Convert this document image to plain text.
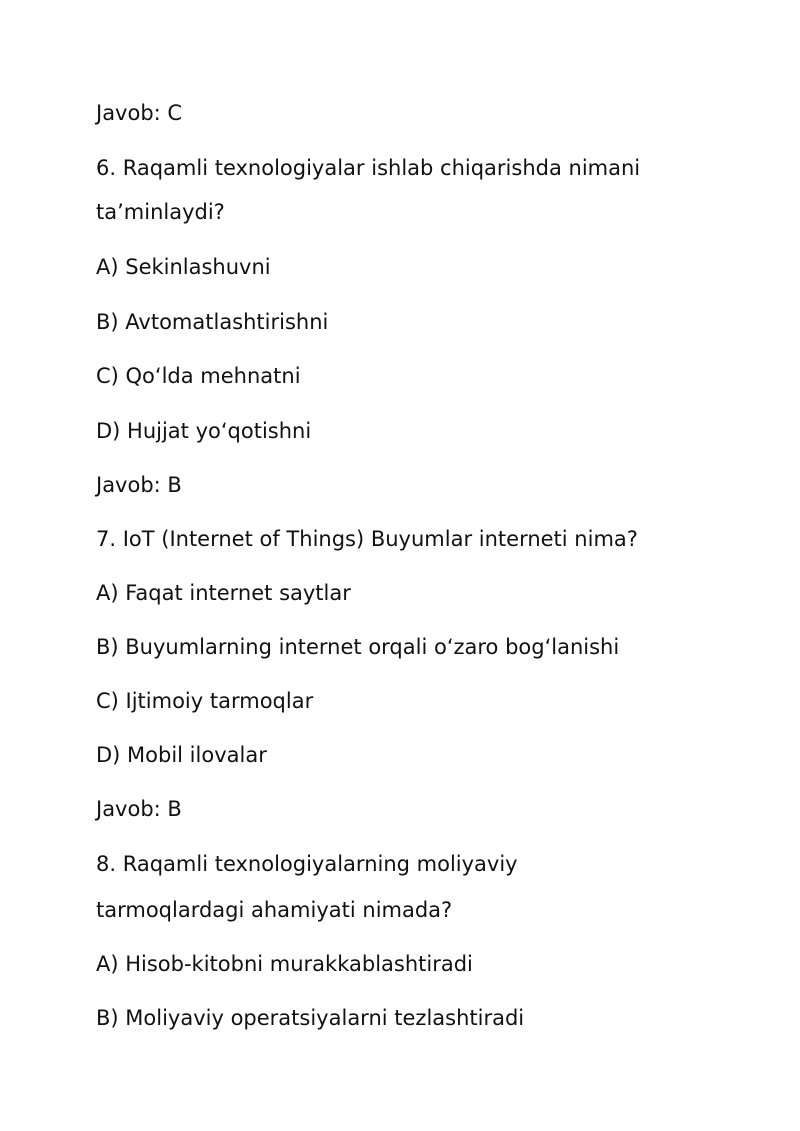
Javob: C
6. Raqamli texnologiyalar ishlab chiqarishda nimani
ta’minlaydi?
A) Sekinlashuvni
B) Avtomatlashtirishni
C) Qo‘lda mehnatni
D) Hujjat yo‘qotishni
Javob: B
7. IoT (Internet of Things) Buyumlar interneti nima?
A) Faqat internet saytlar
B) Buyumlarning internet orqali o‘zaro bog‘lanishi
C) Ijtimoiy tarmoqlar
D) Mobil ilovalar
Javob: B
8. Raqamli texnologiyalarning moliyaviy
tarmoqlardagi ahamiyati nimada?
A) Hisob-kitobni murakkablashtiradi
B) Moliyaviy operatsiyalarni tezlashtiradi
